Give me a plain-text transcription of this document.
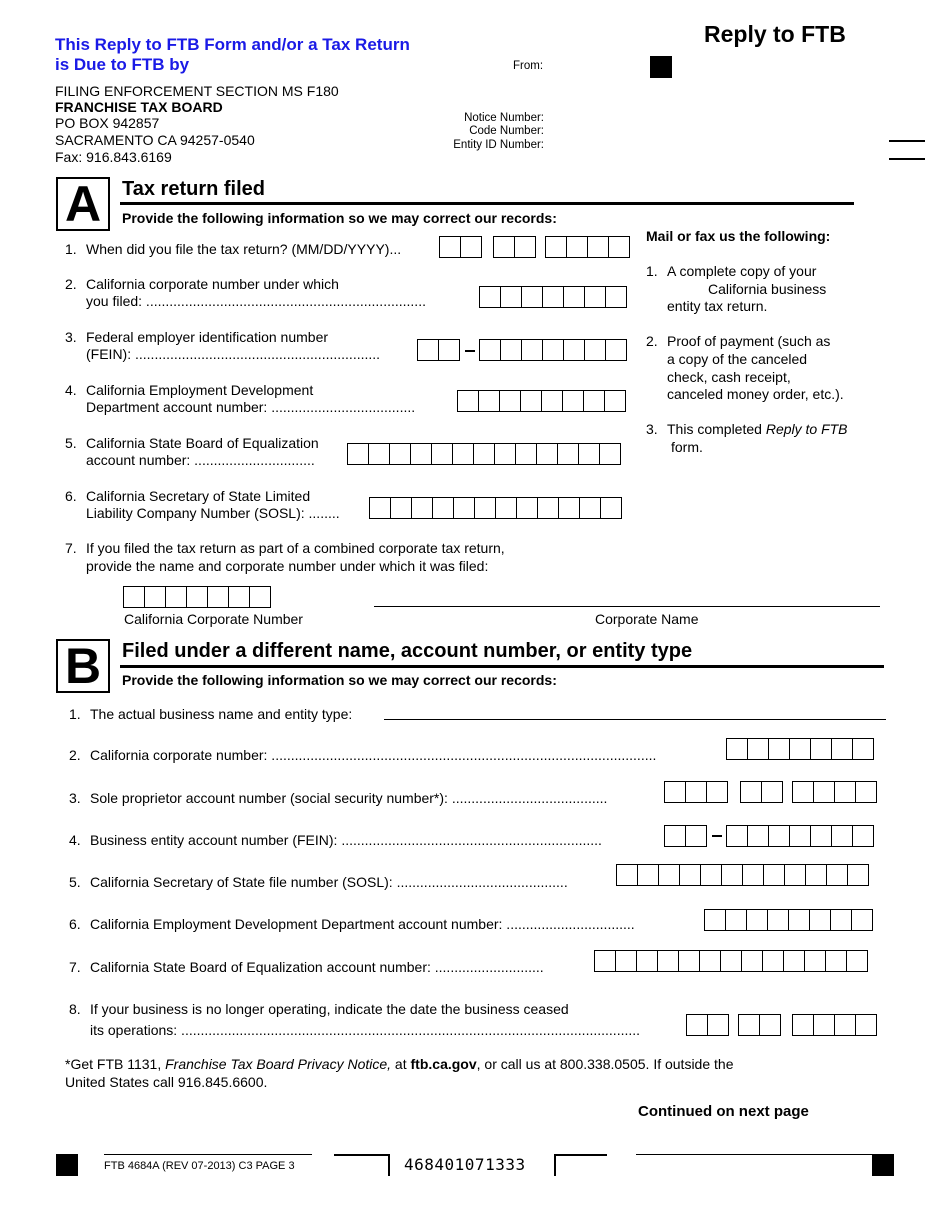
This Reply to FTB Form and/or a Tax Return
is Due to FTB by
Reply to FTB
From:
FILING ENFORCEMENT SECTION MS F180
FRANCHISE TAX BOARD
PO BOX 942857
SACRAMENTO CA 94257-0540
Fax: 916.843.6169
Notice Number:
Code Number:
Entity ID Number:
A	Tax return filed
Provide the following information so we may correct our records:
1. When did you file the tax return? (MM/DD/YYYY)...
2. California corporate number under which
you filed: ........................................................................
3. Federal employer identification number
(FEIN): ...............................................................
4. California Employment Development
Department account number: .....................................
5. California State Board of Equalization
account number: ...............................
6. California Secretary of State Limited
Liability Company Number (SOSL): ........
7. If you filed the tax return as part of a combined corporate tax return,
provide the name and corporate number under which it was filed:
California Corporate Number	Corporate Name
Mail or fax us the following:
1. A complete copy of your
California business
entity tax return.
2. Proof of payment (such as
a copy of the canceled
check, cash receipt,
canceled money order, etc.).
3. This completed Reply to FTB
form.
B	Filed under a different name, account number, or entity type
Provide the following information so we may correct our records:
1. The actual business name and entity type:
2. California corporate number: ...................................................................................................
3. Sole proprietor account number (social security number*): ........................................
4. Business entity account number (FEIN): ...................................................................
5. California Secretary of State file number (SOSL): ............................................
6. California Employment Development Department account number: .................................
7. California State Board of Equalization account number: ............................
8. If your business is no longer operating, indicate the date the business ceased
its operations: ......................................................................................................................
*Get FTB 1131, Franchise Tax Board Privacy Notice, at ftb.ca.gov, or call us at 800.338.0505. If outside the
United States call 916.845.6600.
Continued on next page
FTB 4684A (REV 07-2013) C3 PAGE 3	468401071333
